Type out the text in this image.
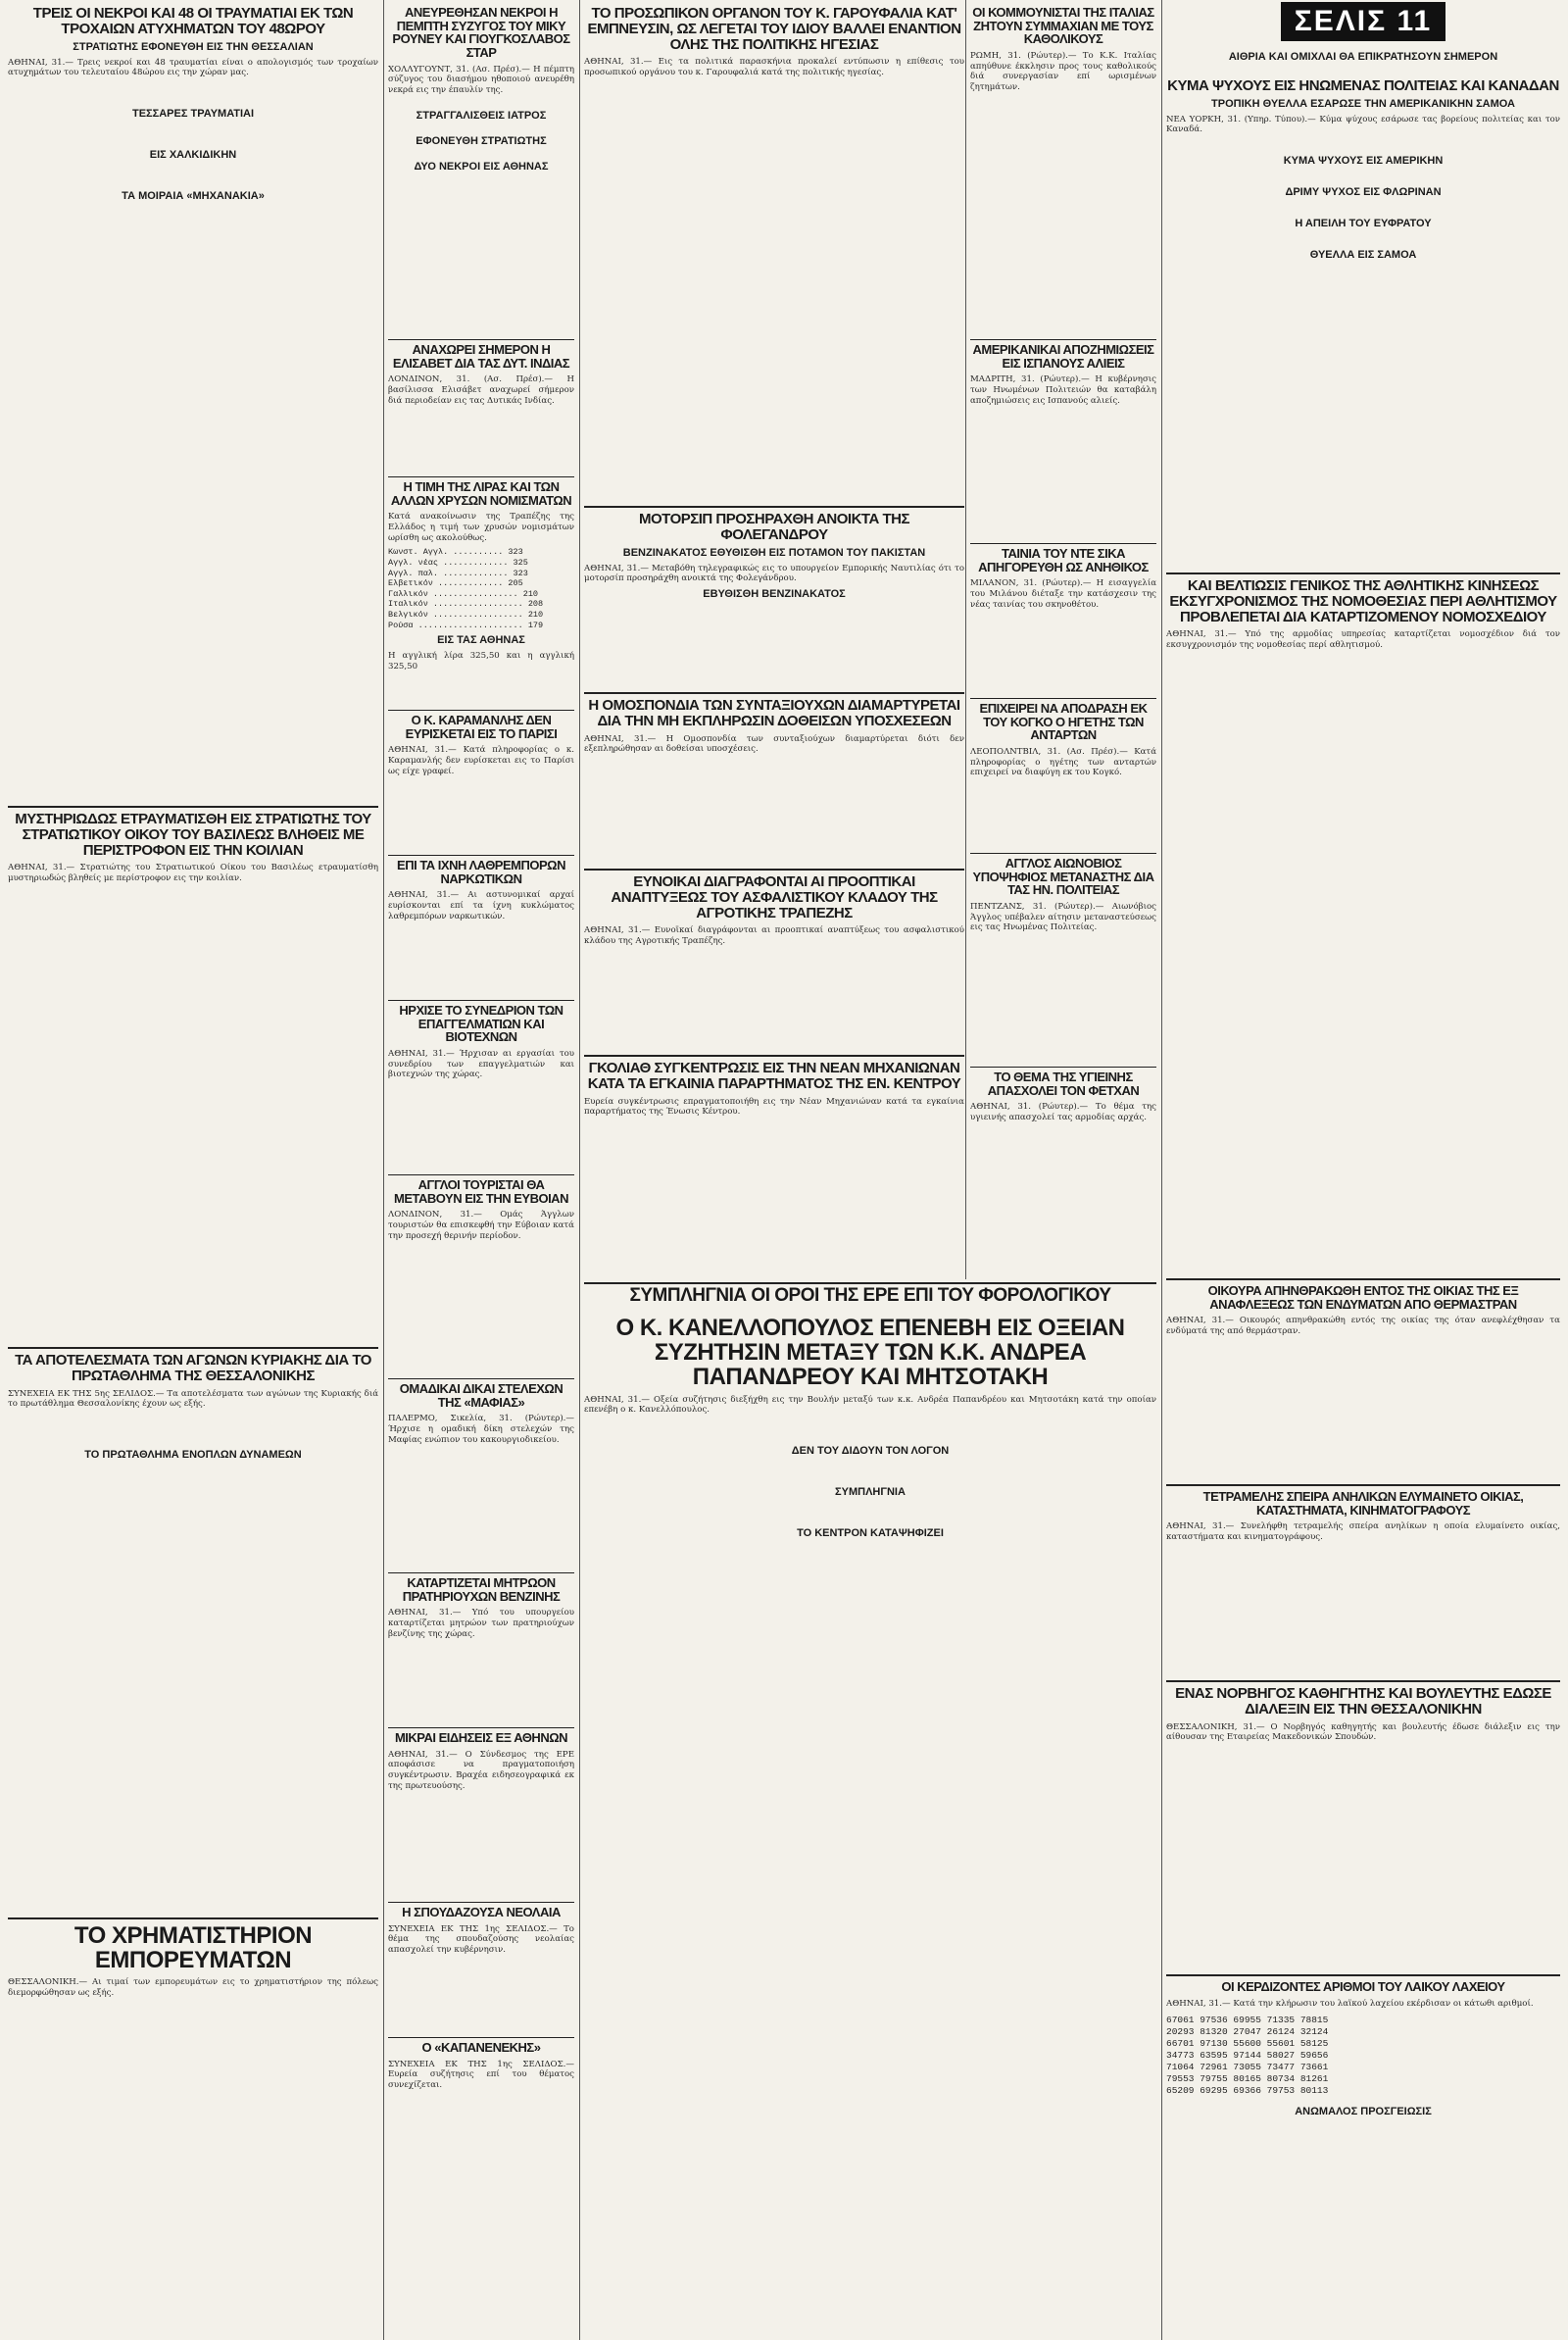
ΤΡΕΙΣ ΟΙ ΝΕΚΡΟΙ ΚΑΙ 48 ΟΙ ΤΡΑΥΜΑΤΙΑΙ ΕΚ ΤΩΝ ΤΡΟΧΑΙΩΝ ΑΤΥΧΗΜΑΤΩΝ ΤΟΥ 48ΩΡΟΥ
ΣΤΡΑΤΙΩΤΗΣ ΕΦΟΝΕΥΘΗ ΕΙΣ ΤΗΝ ΘΕΣΣΑΛΙΑΝ
ΑΘΗΝΑΙ, 31.— Τρεις νεκροί και 48 τραυματίαι είναι ο απολογισμός των τροχαίων ατυχημάτων του τελευταίου 48ώρου εις την χώραν μας.
ΤΕΣΣΑΡΕΣ ΤΡΑΥΜΑΤΙΑΙ
ΕΙΣ ΧΑΛΚΙΔΙΚΗΝ
ΤΑ ΜΟΙΡΑΙΑ «ΜΗΧΑΝΑΚΙΑ»
ΜΥΣΤΗΡΙΩΔΩΣ ΕΤΡΑΥΜΑΤΙΣΘΗ ΕΙΣ ΣΤΡΑΤΙΩΤΗΣ ΤΟΥ ΣΤΡΑΤΙΩΤΙΚΟΥ ΟΙΚΟΥ ΤΟΥ ΒΑΣΙΛΕΩΣ ΒΛΗΘΕΙΣ ΜΕ ΠΕΡΙΣΤΡΟΦΟΝ ΕΙΣ ΤΗΝ ΚΟΙΛΙΑΝ
ΑΘΗΝΑΙ, 31.— Στρατιώτης του Στρατιωτικού Οίκου του Βασιλέως ετραυματίσθη μυστηριωδώς βληθείς με περίστροφον εις την κοιλίαν.
ΤΑ ΑΠΟΤΕΛΕΣΜΑΤΑ ΤΩΝ ΑΓΩΝΩΝ ΚΥΡΙΑΚΗΣ ΔΙΑ ΤΟ ΠΡΩΤΑΘΛΗΜΑ ΤΗΣ ΘΕΣΣΑΛΟΝΙΚΗΣ
ΣΥΝΕΧΕΙΑ ΕΚ ΤΗΣ 5ης ΣΕΛΙΔΟΣ.— Τα αποτελέσματα των αγώνων της Κυριακής διά το πρωτάθλημα Θεσσαλονίκης έχουν ως εξής.
ΤΟ ΠΡΩΤΑΘΛΗΜΑ ΕΝΟΠΛΩΝ ΔΥΝΑΜΕΩΝ
ΤΟ ΧΡΗΜΑΤΙΣΤΗΡΙΟΝ ΕΜΠΟΡΕΥΜΑΤΩΝ
ΘΕΣΣΑΛΟΝΙΚΗ.— Αι τιμαί των εμπορευμάτων εις το χρηματιστήριον της πόλεως διεμορφώθησαν ως εξής.
ΑΝΕΥΡΕΘΗΣΑΝ ΝΕΚΡΟΙ Η ΠΕΜΠΤΗ ΣΥΖΥΓΟΣ ΤΟΥ ΜΙΚΥ ΡΟΥΝΕΥ ΚΑΙ ΓΙΟΥΓΚΟΣΛΑΒΟΣ ΣΤΑΡ
ΧΟΛΛΥΓΟΥΝΤ, 31. (Ασ. Πρέσ).— Η πέμπτη σύζυγος του διασήμου ηθοποιού ανευρέθη νεκρά εις την έπαυλίν της.
ΣΤΡΑΓΓΑΛΙΣΘΕΙΣ ΙΑΤΡΟΣ
ΕΦΟΝΕΥΘΗ ΣΤΡΑΤΙΩΤΗΣ
ΔΥΟ ΝΕΚΡΟΙ ΕΙΣ ΑΘΗΝΑΣ
ΑΝΑΧΩΡΕΙ ΣΗΜΕΡΟΝ Η ΕΛΙΣΑΒΕΤ ΔΙΑ ΤΑΣ ΔΥΤ. ΙΝΔΙΑΣ
ΛΟΝΔΙΝΟΝ, 31. (Ασ. Πρέσ).— Η βασίλισσα Ελισάβετ αναχωρεί σήμερον διά περιοδείαν εις τας Δυτικάς Ινδίας.
Η ΤΙΜΗ ΤΗΣ ΛΙΡΑΣ ΚΑΙ ΤΩΝ ΑΛΛΩΝ ΧΡΥΣΩΝ ΝΟΜΙΣΜΑΤΩΝ
Κατά ανακοίνωσιν της Τραπέζης της Ελλάδος η τιμή των χρυσών νομισμάτων ωρίσθη ως ακολούθως.
Κωνστ. Αγγλ. .......... 323
Αγγλ. νέας ............. 325
Αγγλ. παλ. ............. 323
Ελβετικόν ............. 205
Γαλλικόν ................. 210
Ιταλικόν .................. 208
Βελγικόν .................. 210
Ρούσα ..................... 179
ΕΙΣ ΤΑΣ ΑΘΗΝΑΣ
Η αγγλική λίρα 325,50 και η αγγλική 325,50
Ο Κ. ΚΑΡΑΜΑΝΛΗΣ ΔΕΝ ΕΥΡΙΣΚΕΤΑΙ ΕΙΣ ΤΟ ΠΑΡΙΣΙ
ΑΘΗΝΑΙ, 31.— Κατά πληροφορίας ο κ. Καραμανλής δεν ευρίσκεται εις το Παρίσι ως είχε γραφεί.
ΕΠΙ ΤΑ ΙΧΝΗ ΛΑΘΡΕΜΠΟΡΩΝ ΝΑΡΚΩΤΙΚΩΝ
ΑΘΗΝΑΙ, 31.— Αι αστυνομικαί αρχαί ευρίσκονται επί τα ίχνη κυκλώματος λαθρεμπόρων ναρκωτικών.
ΗΡΧΙΣΕ ΤΟ ΣΥΝΕΔΡΙΟΝ ΤΩΝ ΕΠΑΓΓΕΛΜΑΤΙΩΝ ΚΑΙ ΒΙΟΤΕΧΝΩΝ
ΑΘΗΝΑΙ, 31.— Ήρχισαν αι εργασίαι του συνεδρίου των επαγγελματιών και βιοτεχνών της χώρας.
ΑΓΓΛΟΙ ΤΟΥΡΙΣΤΑΙ ΘΑ ΜΕΤΑΒΟΥΝ ΕΙΣ ΤΗΝ ΕΥΒΟΙΑΝ
ΛΟΝΔΙΝΟΝ, 31.— Ομάς Άγγλων τουριστών θα επισκεφθή την Εύβοιαν κατά την προσεχή θερινήν περίοδον.
ΟΜΑΔΙΚΑΙ ΔΙΚΑΙ ΣΤΕΛΕΧΩΝ ΤΗΣ «ΜΑΦΙΑΣ»
ΠΑΛΕΡΜΟ, Σικελία, 31. (Ρώυτερ).— Ήρχισε η ομαδική δίκη στελεχών της Μαφίας ενώπιον του κακουργιοδικείου.
ΚΑΤΑΡΤΙΖΕΤΑΙ ΜΗΤΡΩΟΝ ΠΡΑΤΗΡΙΟΥΧΩΝ ΒΕΝΖΙΝΗΣ
ΑΘΗΝΑΙ, 31.— Υπό του υπουργείου καταρτίζεται μητρώον των πρατηριούχων βενζίνης της χώρας.
ΜΙΚΡΑΙ ΕΙΔΗΣΕΙΣ ΕΞ ΑΘΗΝΩΝ
ΑΘΗΝΑΙ, 31.— Ο Σύνδεσμος της ΕΡΕ αποφάσισε να πραγματοποιήση συγκέντρωσιν. Βραχέα ειδησεογραφικά εκ της πρωτευούσης.
Η ΣΠΟΥΔΑΖΟΥΣΑ ΝΕΟΛΑΙΑ
ΣΥΝΕΧΕΙΑ ΕΚ ΤΗΣ 1ης ΣΕΛΙΔΟΣ.— Το θέμα της σπουδαζούσης νεολαίας απασχολεί την κυβέρνησιν.
Ο «ΚΑΠΑΝΕΝΕΚΗΣ»
ΣΥΝΕΧΕΙΑ ΕΚ ΤΗΣ 1ης ΣΕΛΙΔΟΣ.— Ευρεία συζήτησις επί του θέματος συνεχίζεται.
ΤΟ ΠΡΟΣΩΠΙΚΟΝ ΟΡΓΑΝΟΝ ΤΟΥ Κ. ΓΑΡΟΥΦΑΛΙΑ ΚΑΤ' ΕΜΠΝΕΥΣΙΝ, ΩΣ ΛΕΓΕΤΑΙ ΤΟΥ ΙΔΙΟΥ ΒΑΛΛΕΙ ΕΝΑΝΤΙΟΝ ΟΛΗΣ ΤΗΣ ΠΟΛΙΤΙΚΗΣ ΗΓΕΣΙΑΣ
ΑΘΗΝΑΙ, 31.— Εις τα πολιτικά παρασκήνια προκαλεί εντύπωσιν η επίθεσις του προσωπικού οργάνου του κ. Γαρουφαλιά κατά της πολιτικής ηγεσίας.
ΜΟΤΟΡΣΙΠ ΠΡΟΣΗΡΑΧΘΗ ΑΝΟΙΚΤΑ ΤΗΣ ΦΟΛΕΓΑΝΔΡΟΥ
ΒΕΝΖΙΝΑΚΑΤΟΣ ΕΘΥΘΙΣΘΗ ΕΙΣ ΠΟΤΑΜΟΝ ΤΟΥ ΠΑΚΙΣΤΑΝ
ΑΘΗΝΑΙ, 31.— Μεταβόθη τηλεγραφικώς εις το υπουργείον Εμπορικής Ναυτιλίας ότι το μοτορσίπ προσηράχθη ανοικτά της Φολεγάνδρου.
ΕΒΥΘΙΣΘΗ ΒΕΝΖΙΝΑΚΑΤΟΣ
Η ΟΜΟΣΠΟΝΔΙΑ ΤΩΝ ΣΥΝΤΑΞΙΟΥΧΩΝ ΔΙΑΜΑΡΤΥΡΕΤΑΙ ΔΙΑ ΤΗΝ ΜΗ ΕΚΠΛΗΡΩΣΙΝ ΔΟΘΕΙΣΩΝ ΥΠΟΣΧΕΣΕΩΝ
ΑΘΗΝΑΙ, 31.— Η Ομοσπονδία των συνταξιούχων διαμαρτύρεται διότι δεν εξεπληρώθησαν αι δοθείσαι υποσχέσεις.
ΕΥΝΟΙΚΑΙ ΔΙΑΓΡΑΦΟΝΤΑΙ ΑΙ ΠΡΟΟΠΤΙΚΑΙ ΑΝΑΠΤΥΞΕΩΣ ΤΟΥ ΑΣΦΑΛΙΣΤΙΚΟΥ ΚΛΑΔΟΥ ΤΗΣ ΑΓΡΟΤΙΚΗΣ ΤΡΑΠΕΖΗΣ
ΑΘΗΝΑΙ, 31.— Ευνοϊκαί διαγράφονται αι προοπτικαί αναπτύξεως του ασφαλιστικού κλάδου της Αγροτικής Τραπέζης.
ΓΚΟΛΙΑΘ ΣΥΓΚΕΝΤΡΩΣΙΣ ΕΙΣ ΤΗΝ ΝΕΑΝ ΜΗΧΑΝΙΩΝΑΝ ΚΑΤΑ ΤΑ ΕΓΚΑΙΝΙΑ ΠΑΡΑΡΤΗΜΑΤΟΣ ΤΗΣ ΕΝ. ΚΕΝΤΡΟΥ
Ευρεία συγκέντρωσις επραγματοποιήθη εις την Νέαν Μηχανιώναν κατά τα εγκαίνια παραρτήματος της Ένωσις Κέντρου.
ΟΙ ΚΟΜΜΟΥΝΙΣΤΑΙ ΤΗΣ ΙΤΑΛΙΑΣ ΖΗΤΟΥΝ ΣΥΜΜΑΧΙΑΝ ΜΕ ΤΟΥΣ ΚΑΘΟΛΙΚΟΥΣ
ΡΩΜΗ, 31. (Ρώυτερ).— Το Κ.Κ. Ιταλίας απηύθυνε έκκλησιν προς τους καθολικούς διά συνεργασίαν επί ωρισμένων ζητημάτων.
ΑΜΕΡΙΚΑΝΙΚΑΙ ΑΠΟΖΗΜΙΩΣΕΙΣ ΕΙΣ ΙΣΠΑΝΟΥΣ ΑΛΙΕΙΣ
ΜΑΔΡΙΤΗ, 31. (Ρώυτερ).— Η κυβέρνησις των Ηνωμένων Πολιτειών θα καταβάλη αποζημιώσεις εις Ισπανούς αλιείς.
ΤΑΙΝΙΑ ΤΟΥ ΝΤΕ ΣΙΚΑ ΑΠΗΓΟΡΕΥΘΗ ΩΣ ΑΝΗΘΙΚΟΣ
ΜΙΛΑΝΟΝ, 31. (Ρώυτερ).— Η εισαγγελία του Μιλάνου διέταξε την κατάσχεσιν της νέας ταινίας του σκηνοθέτου.
ΕΠΙΧΕΙΡΕΙ ΝΑ ΑΠΟΔΡΑΣΗ ΕΚ ΤΟΥ ΚΟΓΚΟ Ο ΗΓΕΤΗΣ ΤΩΝ ΑΝΤΑΡΤΩΝ
ΛΕΟΠΟΛΝΤΒΙΛ, 31. (Ασ. Πρέσ).— Κατά πληροφορίας ο ηγέτης των ανταρτών επιχειρεί να διαφύγη εκ του Κογκό.
ΑΓΓΛΟΣ ΑΙΩΝΟΒΙΟΣ ΥΠΟΨΗΦΙΟΣ ΜΕΤΑΝΑΣΤΗΣ ΔΙΑ ΤΑΣ ΗΝ. ΠΟΛΙΤΕΙΑΣ
ΠΕΝΤΖΑΝΣ, 31. (Ρώυτερ).— Αιωνόβιος Άγγλος υπέβαλεν αίτησιν μεταναστεύσεως εις τας Ηνωμένας Πολιτείας.
ΤΟ ΘΕΜΑ ΤΗΣ ΥΓΙΕΙΝΗΣ ΑΠΑΣΧΟΛΕΙ ΤΟΝ ΦΕΤΧΑΝ
ΑΘΗΝΑΙ, 31. (Ρώυτερ).— Το θέμα της υγιεινής απασχολεί τας αρμοδίας αρχάς.
ΣΥΜΠΛΗΓΝΙΑ ΟΙ ΟΡΟΙ ΤΗΣ ΕΡΕ ΕΠΙ ΤΟΥ ΦΟΡΟΛΟΓΙΚΟΥ
Ο Κ. ΚΑΝΕΛΛΟΠΟΥΛΟΣ ΕΠΕΝΕΒΗ ΕΙΣ ΟΞΕΙΑΝ ΣΥΖΗΤΗΣΙΝ ΜΕΤΑΞΥ ΤΩΝ Κ.Κ. ΑΝΔΡΕΑ ΠΑΠΑΝΔΡΕΟΥ ΚΑΙ ΜΗΤΣΟΤΑΚΗ
ΑΘΗΝΑΙ, 31.— Οξεία συζήτησις διεξήχθη εις την Βουλήν μεταξύ των κ.κ. Ανδρέα Παπανδρέου και Μητσοτάκη κατά την οποίαν επενέβη ο κ. Κανελλόπουλος.
ΔΕΝ ΤΟΥ ΔΙΔΟΥΝ ΤΟΝ ΛΟΓΟΝ
ΣΥΜΠΛΗΓΝΙΑ
ΤΟ ΚΕΝΤΡΟΝ ΚΑΤΑΨΗΦΙΖΕΙ
ΣΕΛΙΣ 11
ΑΙΘΡΙΑ ΚΑΙ ΟΜΙΧΛΑΙ ΘΑ ΕΠΙΚΡΑΤΗΣΟΥΝ ΣΗΜΕΡΟΝ
ΚΥΜΑ ΨΥΧΟΥΣ ΕΙΣ ΗΝΩΜΕΝΑΣ ΠΟΛΙΤΕΙΑΣ ΚΑΙ ΚΑΝΑΔΑΝ
ΤΡΟΠΙΚΗ ΘΥΕΛΛΑ ΕΣΑΡΩΣΕ ΤΗΝ ΑΜΕΡΙΚΑΝΙΚΗΝ ΣΑΜΟΑ
ΝΕΑ ΥΟΡΚΗ, 31. (Υπηρ. Τύπου).— Κύμα ψύχους εσάρωσε τας βορείους πολιτείας και τον Καναδά.
ΚΥΜΑ ΨΥΧΟΥΣ ΕΙΣ ΑΜΕΡΙΚΗΝ
ΔΡΙΜΥ ΨΥΧΟΣ ΕΙΣ ΦΛΩΡΙΝΑΝ
Η ΑΠΕΙΛΗ ΤΟΥ ΕΥΦΡΑΤΟΥ
ΘΥΕΛΛΑ ΕΙΣ ΣΑΜΟΑ
ΚΑΙ ΒΕΛΤΙΩΣΙΣ ΓΕΝΙΚΟΣ ΤΗΣ ΑΘΛΗΤΙΚΗΣ ΚΙΝΗΣΕΩΣ ΕΚΣΥΓΧΡΟΝΙΣΜΟΣ ΤΗΣ ΝΟΜΟΘΕΣΙΑΣ ΠΕΡΙ ΑΘΛΗΤΙΣΜΟΥ ΠΡΟΒΛΕΠΕΤΑΙ ΔΙΑ ΚΑΤΑΡΤΙΖΟΜΕΝΟΥ ΝΟΜΟΣΧΕΔΙΟΥ
ΑΘΗΝΑΙ, 31.— Υπό της αρμοδίας υπηρεσίας καταρτίζεται νομοσχέδιον διά τον εκσυγχρονισμόν της νομοθεσίας περί αθλητισμού.
ΟΙΚΟΥΡΑ ΑΠΗΝΘΡΑΚΩΘΗ ΕΝΤΟΣ ΤΗΣ ΟΙΚΙΑΣ ΤΗΣ ΕΞ ΑΝΑΦΛΕΞΕΩΣ ΤΩΝ ΕΝΔΥΜΑΤΩΝ ΑΠΟ ΘΕΡΜΑΣΤΡΑΝ
ΑΘΗΝΑΙ, 31.— Οικουρός απηνθρακώθη εντός της οικίας της όταν ανεφλέχθησαν τα ενδύματά της από θερμάστραν.
ΤΕΤΡΑΜΕΛΗΣ ΣΠΕΙΡΑ ΑΝΗΛΙΚΩΝ ΕΛΥΜΑΙΝΕΤΟ ΟΙΚΙΑΣ, ΚΑΤΑΣΤΗΜΑΤΑ, ΚΙΝΗΜΑΤΟΓΡΑΦΟΥΣ
ΑΘΗΝΑΙ, 31.— Συνελήφθη τετραμελής σπείρα ανηλίκων η οποία ελυμαίνετο οικίας, καταστήματα και κινηματογράφους.
ΕΝΑΣ ΝΟΡΒΗΓΟΣ ΚΑΘΗΓΗΤΗΣ ΚΑΙ ΒΟΥΛΕΥΤΗΣ ΕΔΩΣΕ ΔΙΑΛΕΞΙΝ ΕΙΣ ΤΗΝ ΘΕΣΣΑΛΟΝΙΚΗΝ
ΘΕΣΣΑΛΟΝΙΚΗ, 31.— Ο Νορβηγός καθηγητής και βουλευτής έδωσε διάλεξιν εις την αίθουσαν της Εταιρείας Μακεδονικών Σπουδών.
ΟΙ ΚΕΡΔΙΖΟΝΤΕΣ ΑΡΙΘΜΟΙ ΤΟΥ ΛΑΙΚΟΥ ΛΑΧΕΙΟΥ
ΑΘΗΝΑΙ, 31.— Κατά την κλήρωσιν του λαϊκού λαχείου εκέρδισαν οι κάτωθι αριθμοί.
67061 97536 69955 71335 78815
20293 81320 27047 26124 32124
66701 97130 55600 55601 58125
34773 63595 97144 58027 59656
71064 72961 73055 73477 73661
79553 79755 80165 80734 81261
65209 69295 69366 79753 80113
ΑΝΩΜΑΛΟΣ ΠΡΟΣΓΕΙΩΣΙΣ
